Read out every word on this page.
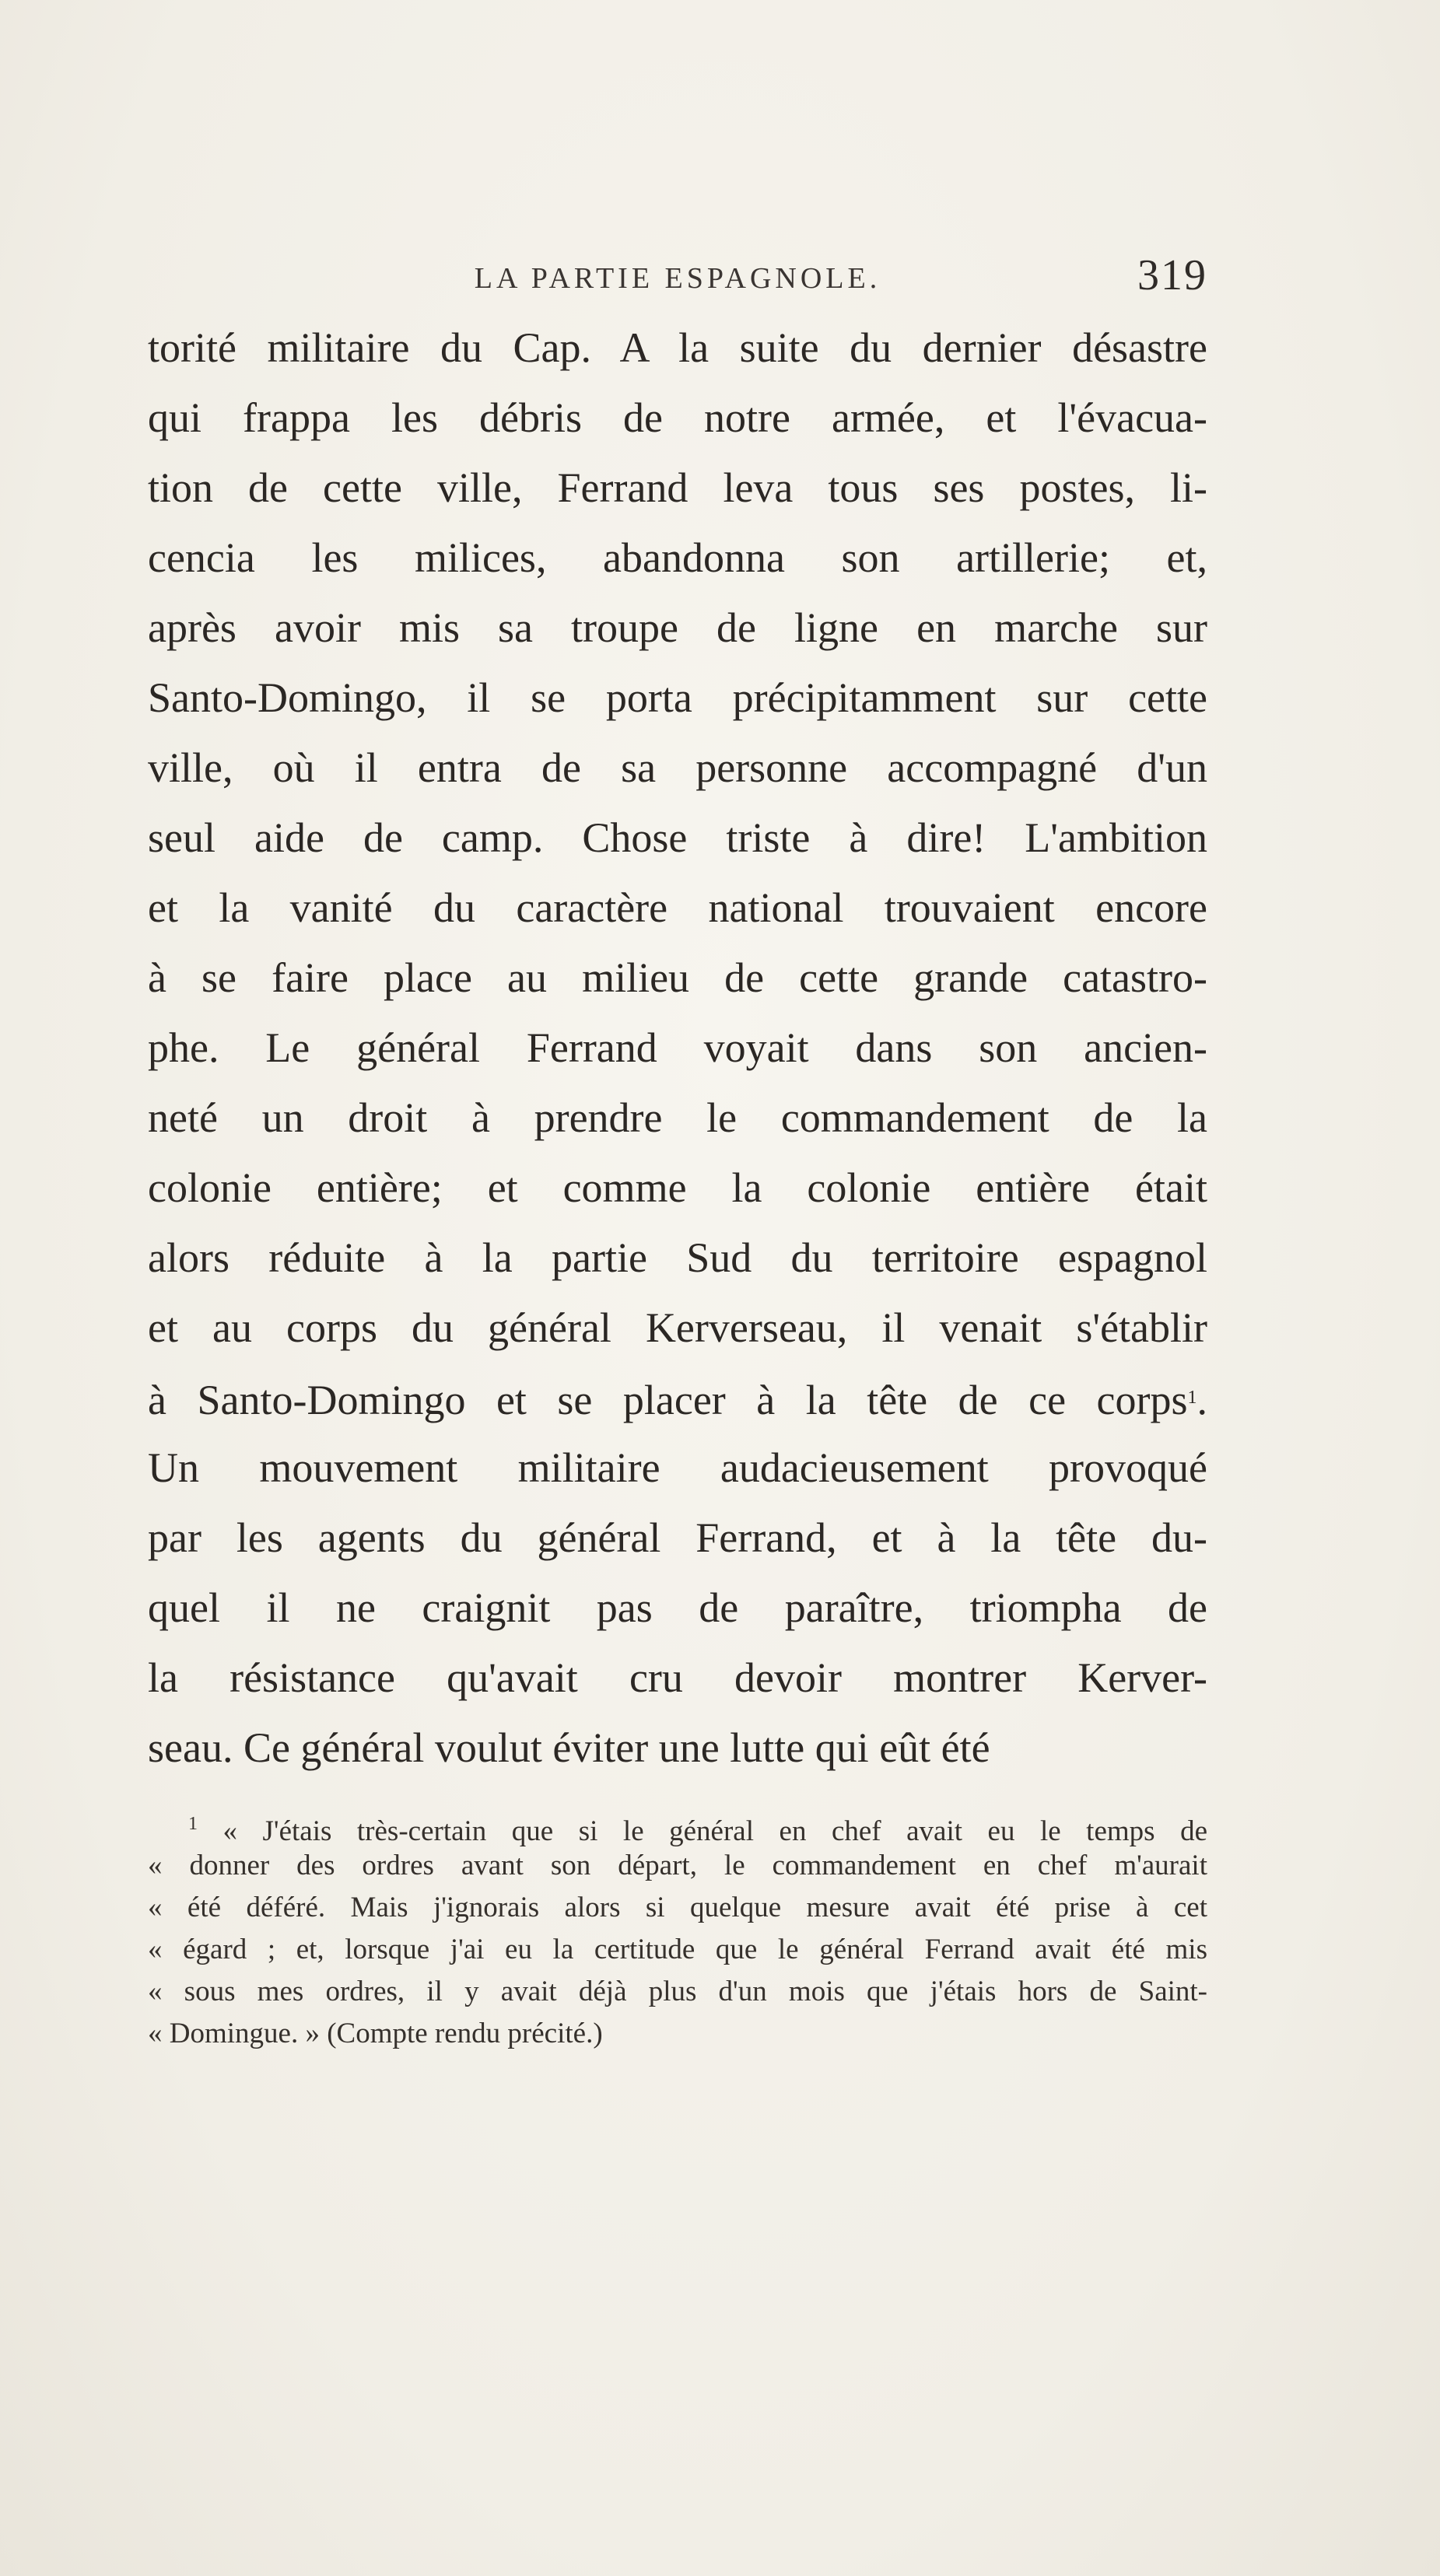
LA PARTIE ESPAGNOLE.	319
torité militaire du Cap. A la suite du dernier désastre
qui frappa les débris de notre armée, et l'évacua-
tion de cette ville, Ferrand leva tous ses postes, li-
cencia les milices, abandonna son artillerie; et,
après avoir mis sa troupe de ligne en marche sur
Santo-Domingo, il se porta précipitamment sur cette
ville, où il entra de sa personne accompagné d'un
seul aide de camp. Chose triste à dire! L'ambition
et la vanité du caractère national trouvaient encore
à se faire place au milieu de cette grande catastro-
phe. Le général Ferrand voyait dans son ancien-
neté un droit à prendre le commandement de la
colonie entière; et comme la colonie entière était
alors réduite à la partie Sud du territoire espagnol
et au corps du général Kerverseau, il venait s'établir
à Santo-Domingo et se placer à la tête de ce corps$^1$.
Un mouvement militaire audacieusement provoqué
par les agents du général Ferrand, et à la tête du-
quel il ne craignit pas de paraître, triompha de
la résistance qu'avait cru devoir montrer Kerver-
seau. Ce général voulut éviter une lutte qui eût été
$^1$ « J'étais très-certain que si le général en chef avait eu le temps de
« donner des ordres avant son départ, le commandement en chef m'aurait
« été déféré. Mais j'ignorais alors si quelque mesure avait été prise à cet
« égard ; et, lorsque j'ai eu la certitude que le général Ferrand avait été mis
« sous mes ordres, il y avait déjà plus d'un mois que j'étais hors de Saint-
« Domingue. » (Compte rendu précité.)
